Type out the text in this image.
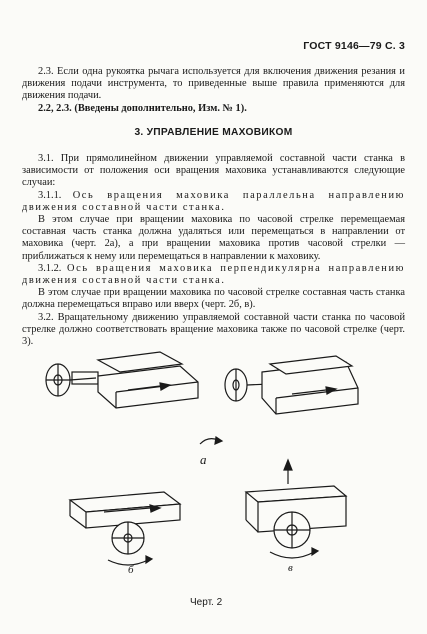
ГОСТ 9146—79 С. 3

2.3. Если одна рукоятка рычага используется для включения движения резания и движения подачи инструмента, то приведенные выше правила применяются для движения подачи.

2.2, 2.3. (Введены дополнительно, Изм. № 1).

3. УПРАВЛЕНИЕ МАХОВИКОМ

3.1. При прямолинейном движении управляемой составной части станка в зависимости от положения оси вращения маховика устанавливаются следующие случаи:

3.1.1. Ось вращения маховика параллельна направлению движения составной части станка.

В этом случае при вращении маховика по часовой стрелке перемещаемая составная часть станка должна удаляться или перемещаться в направлении от маховика (черт. 2а), а при вращении маховика против часовой стрелки — приближаться к нему или перемещаться в направлении к маховику.

3.1.2. Ось вращения маховика перпендикулярна направлению движения составной части станка.

В этом случае при вращении маховика по часовой стрелке составная часть станка должна перемещаться вправо или вверх (черт. 2б, в).

3.2. Вращательному движению управляемой составной части станка по часовой стрелке должно соответствовать вращение маховика также по часовой стрелке (черт. 3).

а
б	в
Черт. 2
